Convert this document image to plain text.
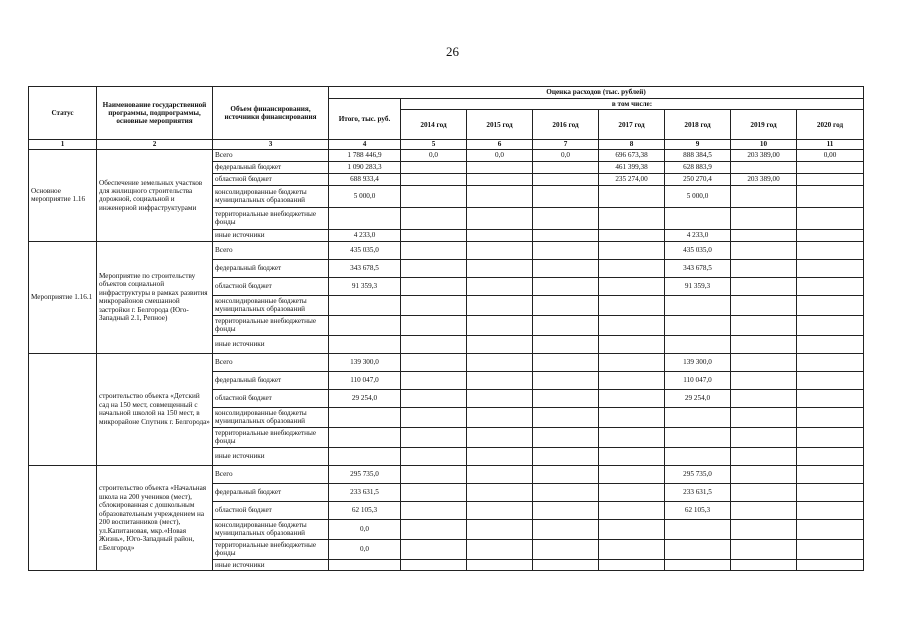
26
Статус	Наименование государственной программы, подпрограммы, основные мероприятия	Объем финансирования, источники финансирования	Оценка расходов (тыс. рублей)							
			Итого, тыс. руб.	в том числе:						
				2014 год	2015 год	2016 год	2017 год	2018 год	2019 год	2020 год
1	2	3	4	5	6	7	8	9	10	11
Основное мероприятие 1.16	Обеспечение земельных участков для жилищного строительства дорожной, социальной и инженерной инфраструктурами	Всего	1 788 446,9	0,0	0,0	0,0	696 673,38	888 384,5	203 389,00	0,00
		федеральный бюджет	1 090 283,3				461 399,38	628 883,9		
		областной бюджет	688 933,4				235 274,00	250 270,4	203 389,00	
		консолидированные бюджеты муниципальных образований	5 000,0					5 000,0		
		территориальные внебюджетные фонды								
		иные источники	4 233,0					4 233,0		
Мероприятие 1.16.1	Мероприятие по строительству объектов социальной инфраструктуры в рамках развития микрорайонов смешанной застройки г. Белгорода (Юго-Западный 2.1, Репное)	Всего	435 035,0					435 035,0		
		федеральный бюджет	343 678,5					343 678,5		
		областной бюджет	91 359,3					91 359,3		
		консолидированные бюджеты муниципальных образований								
		территориальные внебюджетные фонды								
		иные источники								
	строительство объекта «Детский сад на 150 мест, совмещенный с начальной школой на 150 мест, в микрорайоне Спутник г. Белгорода»	Всего	139 300,0					139 300,0		
		федеральный бюджет	110 047,0					110 047,0		
		областной бюджет	29 254,0					29 254,0		
		консолидированные бюджеты муниципальных образований								
		территориальные внебюджетные фонды								
		иные источники								
	строительство объекта «Начальная школа на 200 учеников (мест), сблокированная с дошкольным образовательным учреждением на 200 воспитанников (мест), ул.Капитановая, мкр.«Новая Жизнь», Юго-Западный район, г.Белгород»	Всего	295 735,0					295 735,0		
		федеральный бюджет	233 631,5					233 631,5		
		областной бюджет	62 105,3					62 105,3		
		консолидированные бюджеты муниципальных образований	0,0							
		территориальные внебюджетные фонды	0,0							
		иные источники								
